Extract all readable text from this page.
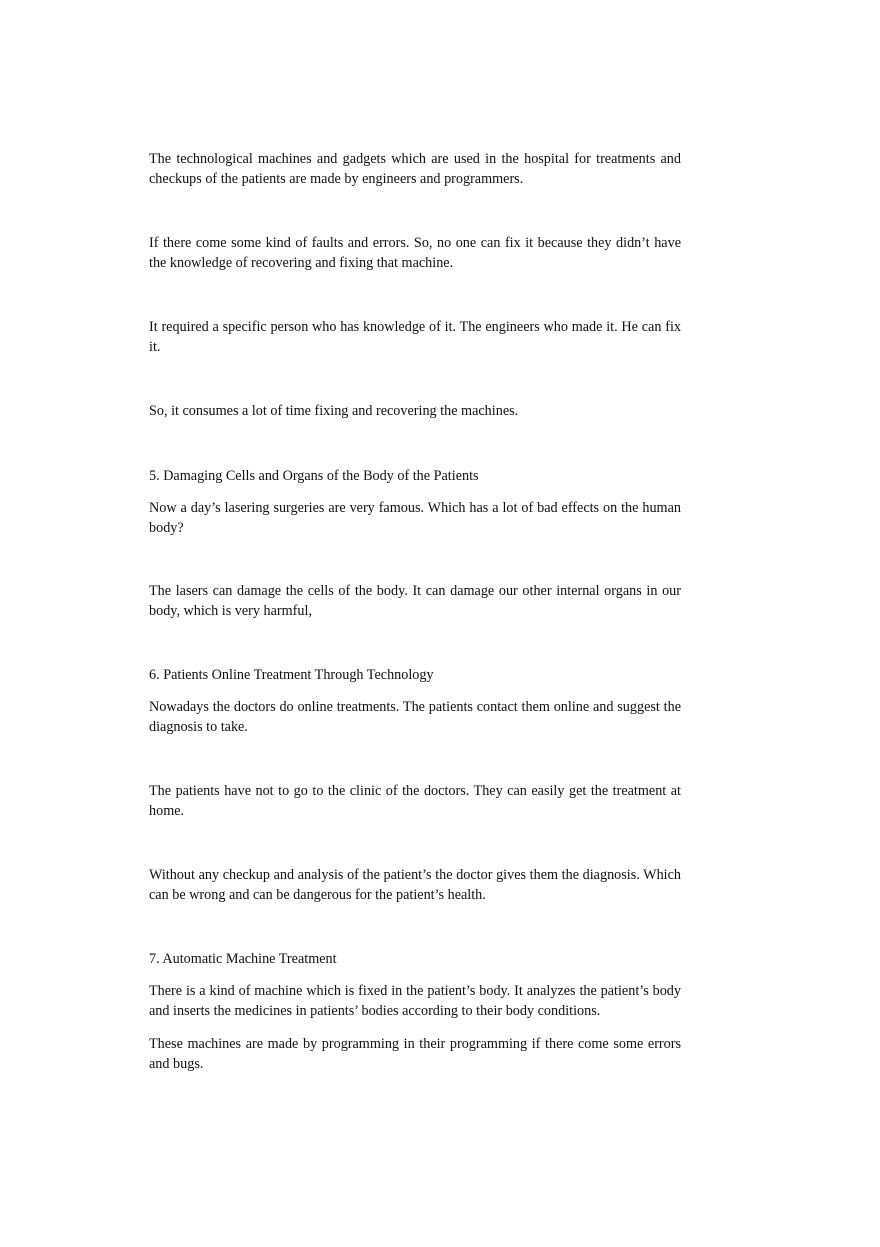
The technological machines and gadgets which are used in the hospital for treatments and checkups of the patients are made by engineers and programmers.

If there come some kind of faults and errors. So, no one can fix it because they didn’t have the knowledge of recovering and fixing that machine.

It required a specific person who has knowledge of it. The engineers who made it. He can fix it.

So, it consumes a lot of time fixing and recovering the machines.

5. Damaging Cells and Organs of the Body of the Patients

Now a day’s lasering surgeries are very famous. Which has a lot of bad effects on the human body?

The lasers can damage the cells of the body. It can damage our other internal organs in our body, which is very harmful,

6. Patients Online Treatment Through Technology

Nowadays the doctors do online treatments. The patients contact them online and suggest the diagnosis to take.

The patients have not to go to the clinic of the doctors. They can easily get the treatment at home.

Without any checkup and analysis of the patient’s the doctor gives them the diagnosis. Which can be wrong and can be dangerous for the patient’s health.

7. Automatic Machine Treatment

There is a kind of machine which is fixed in the patient’s body. It analyzes the patient’s body and inserts the medicines in patients’ bodies according to their body conditions.

These machines are made by programming in their programming if there come some errors and bugs.
